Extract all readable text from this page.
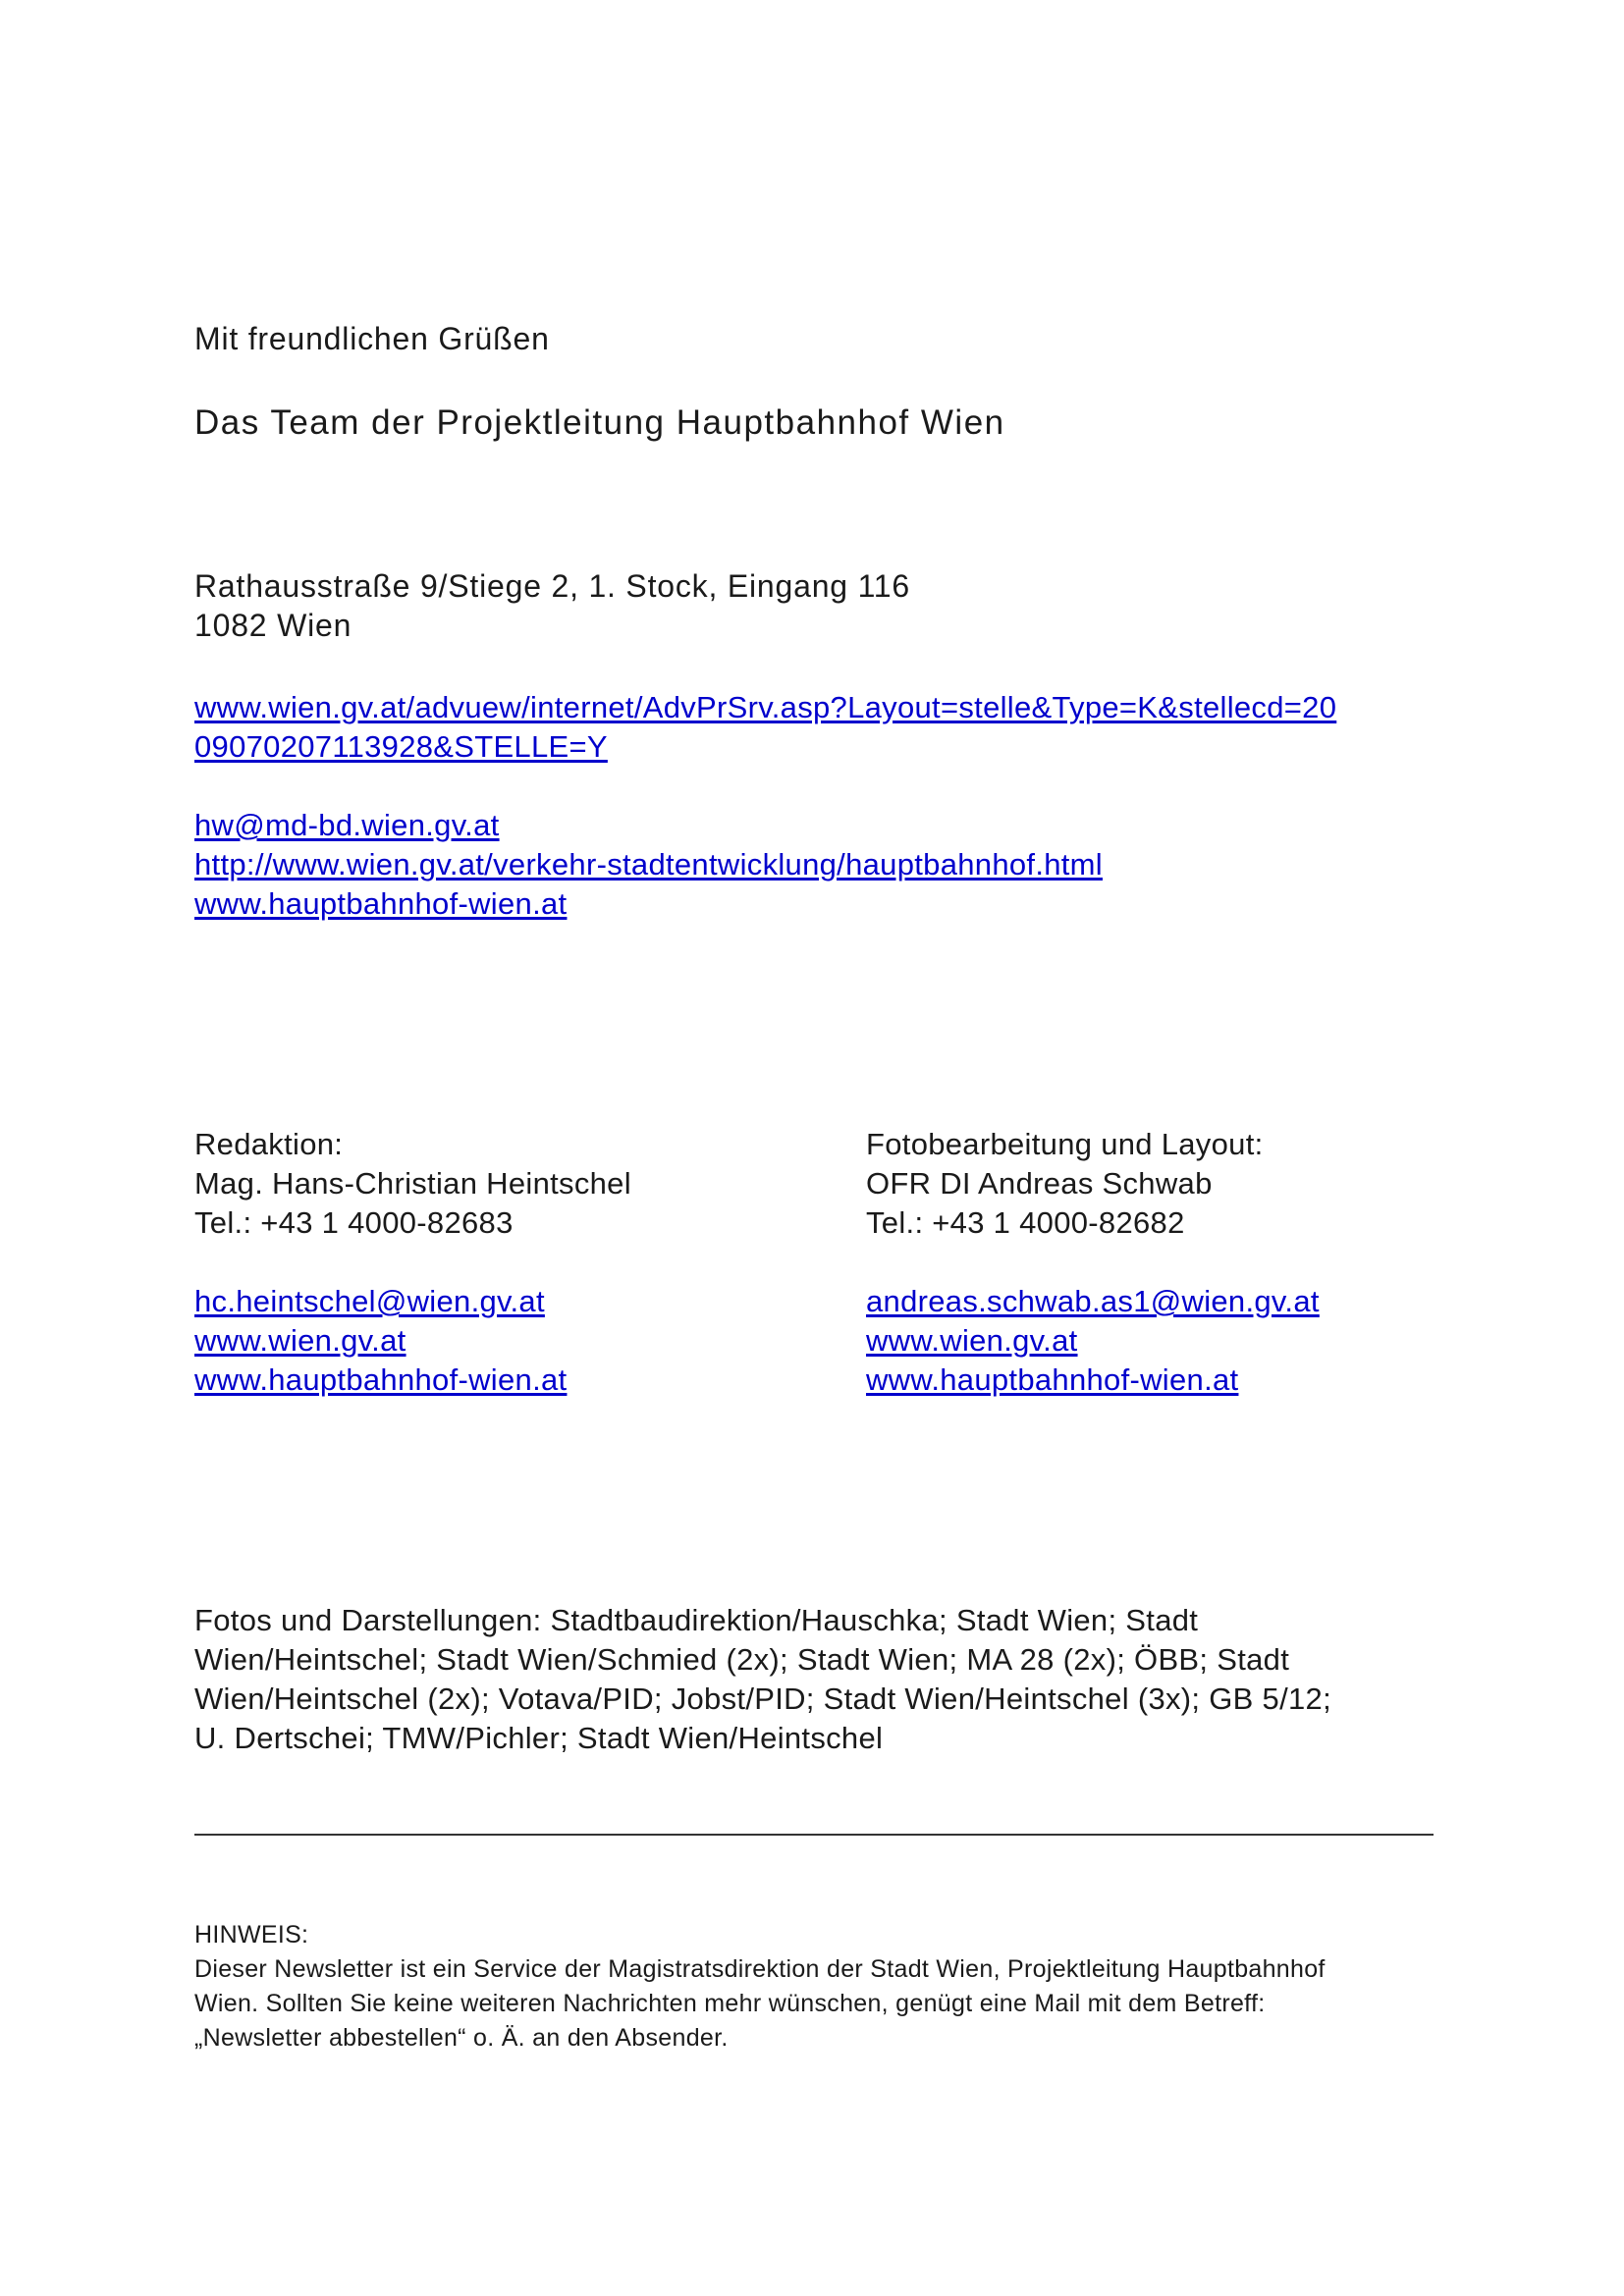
Mit freundlichen Grüßen
Das Team der Projektleitung Hauptbahnhof Wien
Rathausstraße 9/Stiege 2, 1. Stock, Eingang 116
1082 Wien
www.wien.gv.at/advuew/internet/AdvPrSrv.asp?Layout=stelle&Type=K&stellecd=20
09070207113928&STELLE=Y
hw@md-bd.wien.gv.at
http://www.wien.gv.at/verkehr-stadtentwicklung/hauptbahnhof.html
www.hauptbahnhof-wien.at
Redaktion:
Mag. Hans-Christian Heintschel
Tel.: +43 1 4000-82683
hc.heintschel@wien.gv.at
www.wien.gv.at
www.hauptbahnhof-wien.at
Fotobearbeitung und Layout:
OFR DI Andreas Schwab
Tel.: +43 1 4000-82682
andreas.schwab.as1@wien.gv.at
www.wien.gv.at
www.hauptbahnhof-wien.at
Fotos und Darstellungen: Stadtbaudirektion/Hauschka; Stadt Wien; Stadt
Wien/Heintschel; Stadt Wien/Schmied (2x); Stadt Wien; MA 28 (2x); ÖBB; Stadt
Wien/Heintschel (2x); Votava/PID; Jobst/PID; Stadt Wien/Heintschel (3x); GB 5/12;
U. Dertschei; TMW/Pichler; Stadt Wien/Heintschel
HINWEIS:
Dieser Newsletter ist ein Service der Magistratsdirektion der Stadt Wien, Projektleitung Hauptbahnhof
Wien. Sollten Sie keine weiteren Nachrichten mehr wünschen, genügt eine Mail mit dem Betreff:
„Newsletter abbestellen“ o. Ä. an den Absender.
